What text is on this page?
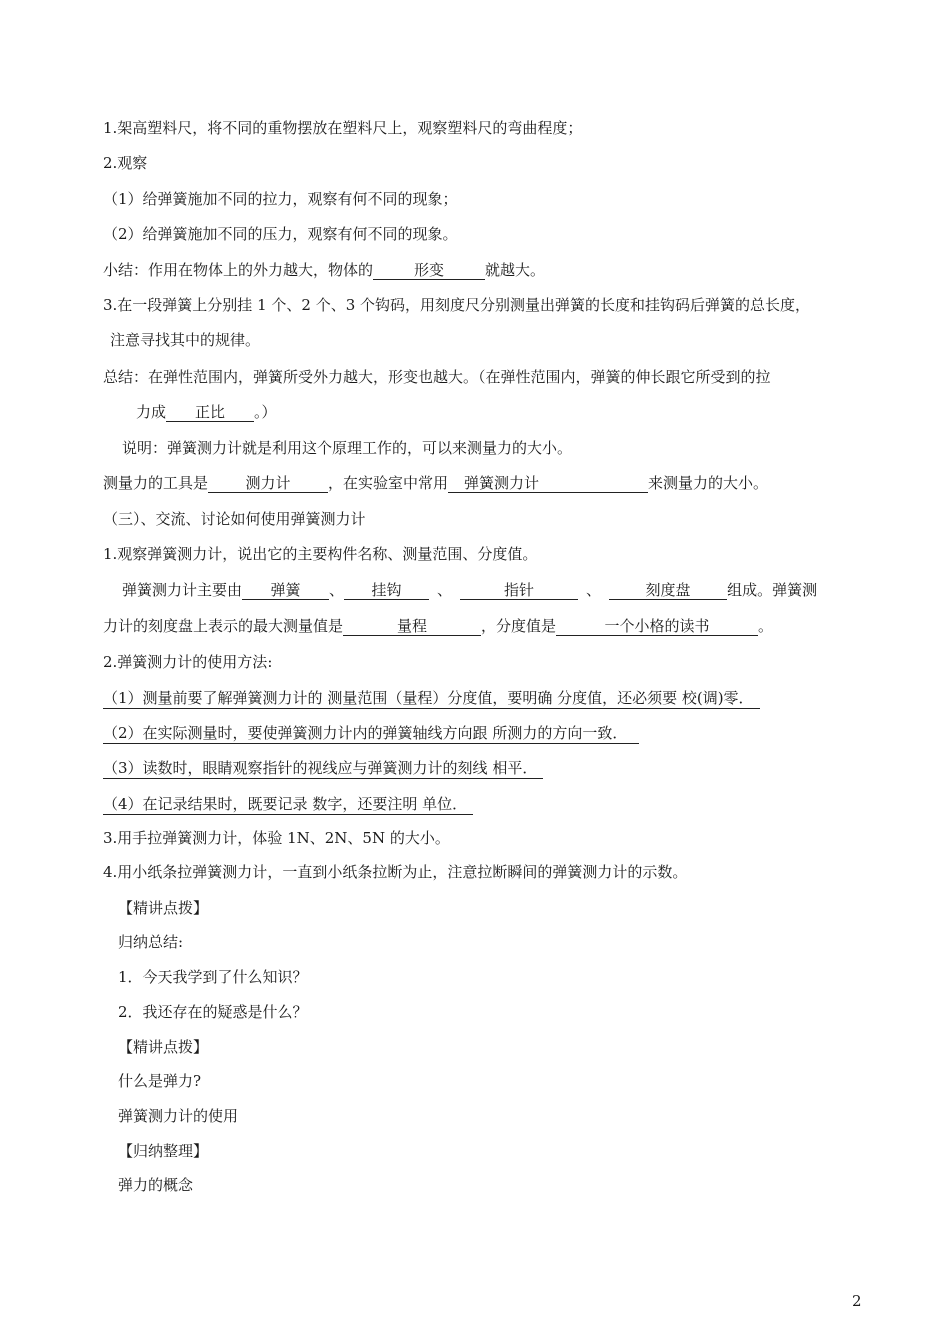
1.架高塑料尺，将不同的重物摆放在塑料尺上，观察塑料尺的弯曲程度；
2.观察
（1）给弹簧施加不同的拉力，观察有何不同的现象；
（2）给弹簧施加不同的压力，观察有何不同的现象。
小结：作用在物体上的外力越大，物体的	形变	就越大。
3.在一段弹簧上分别挂 1 个、2 个、3 个钩码，用刻度尺分别测量出弹簧的长度和挂钩码后弹簧的总长度，
注意寻找其中的规律。
总结：在弹性范围内，弹簧所受外力越大，形变也越大。（在弹性范围内，弹簧的伸长跟它所受到的拉
力成 正比 。）
说明：弹簧测力计就是利用这个原理工作的，可以来测量力的大小。
测量力的工具是 测力计	，在实验室中常用 弹簧测力计	来测量力的大小。
（三）、交流、讨论如何使用弹簧测力计
1.观察弹簧测力计，说出它的主要构件名称、测量范围、分度值。
弹簧测力计主要由 弹簧 、 挂钩 、	指针	、	刻度盘 组成。弹簧测
力计的刻度盘上表示的最大测量值是	量程	，分度值是	一个小格的读书	。
2.弹簧测力计的使用方法:
（1）测量前要了解弹簧测力计的 测量范围（量程）分度值，要明确 分度值，还必须要 校(调)零．
（2）在实际测量时，要使弹簧测力计内的弹簧轴线方向跟 所测力的方向一致．
（3）读数时，眼睛观察指针的视线应与弹簧测力计的刻线 相平．
（4）在记录结果时，既要记录 数字，还要注明 单位．
3.用手拉弹簧测力计，体验 1N、2N、5N 的大小。
4.用小纸条拉弹簧测力计，一直到小纸条拉断为止，注意拉断瞬间的弹簧测力计的示数。
【精讲点拨】
归纳总结:
1．今天我学到了什么知识？
2．我还存在的疑惑是什么？
【精讲点拨】
什么是弹力?
弹簧测力计的使用
【归纳整理】
弹力的概念
2
